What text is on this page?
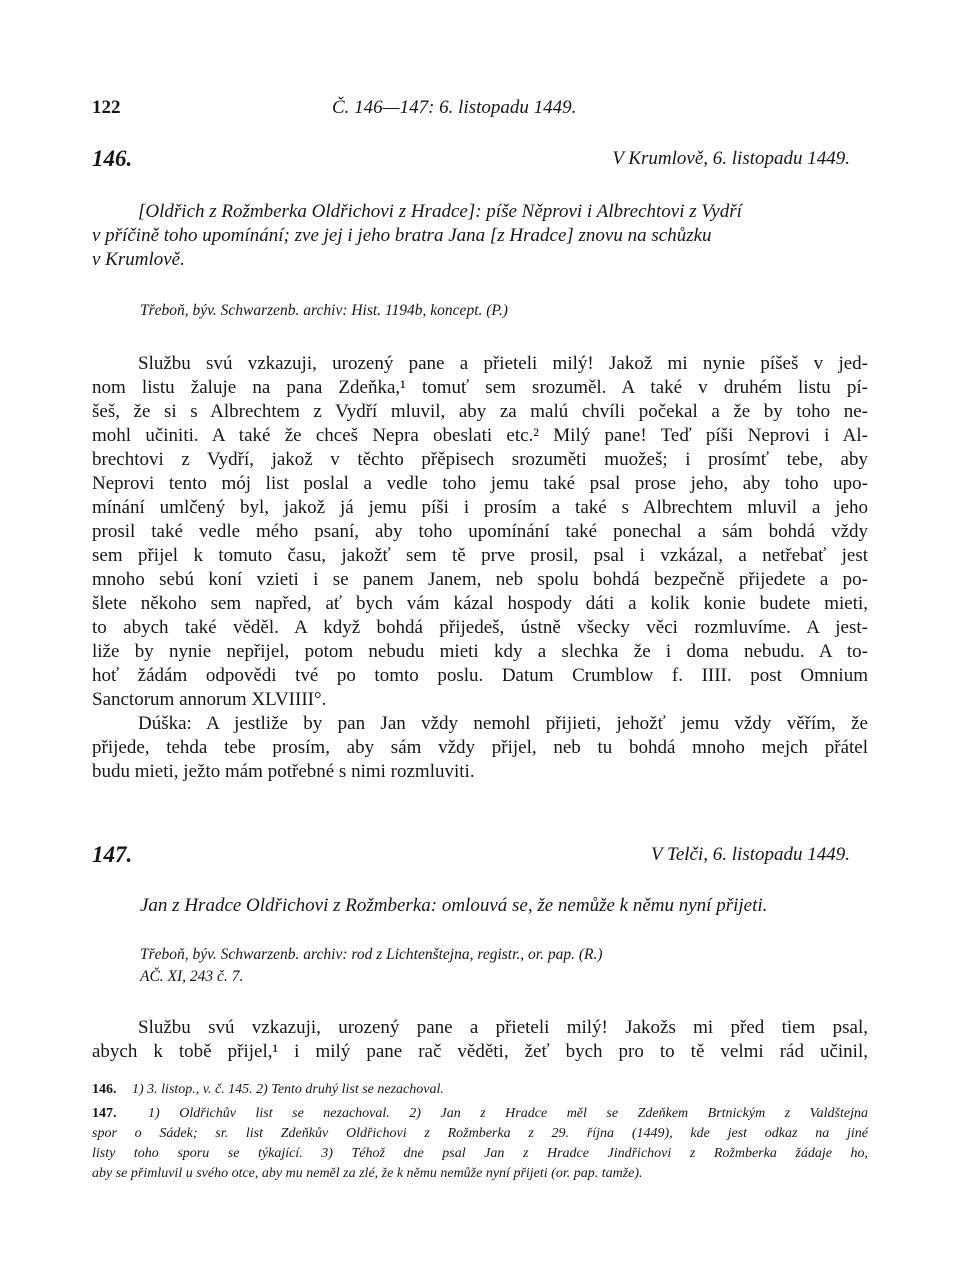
122	Č. 146—147: 6. listopadu 1449.
146.	V Krumlově, 6. listopadu 1449.
[Oldřich z Rožmberka Oldřichovi z Hradce]: píše Něprovi i Albrechtovi z Vydří
v příčině toho upomínání; zve jej i jeho bratra Jana [z Hradce] znovu na schůzku
v Krumlově.
Třeboň, býv. Schwarzenb. archiv: Hist. 1194b, koncept. (P.)
Službu svú vzkazuji, urozený pane a přieteli milý! Jakož mi nynie píšeš v jed-
nom listu žaluje na pana Zdeňka,¹ tomuť sem srozuměl. A také v druhém listu pí-
šeš, že si s Albrechtem z Vydří mluvil, aby za malú chvíli počekal a že by toho ne-
mohl učiniti. A také že chceš Nepra obeslati etc.² Milý pane! Teď píši Neprovi i Al-
brechtovi z Vydří, jakož v těchto přěpisech srozuměti muožeš; i prosímť tebe, aby
Neprovi tento mój list poslal a vedle toho jemu také psal prose jeho, aby toho upo-
mínání umlčený byl, jakož já jemu píši i prosím a také s Albrechtem mluvil a jeho
prosil také vedle mého psaní, aby toho upomínání také ponechal a sám bohdá vždy
sem přijel k tomuto času, jakožť sem tě prve prosil, psal i vzkázal, a netřebať jest
mnoho sebú koní vzieti i se panem Janem, neb spolu bohdá bezpečně přijedete a po-
šlete někoho sem napřed, ať bych vám kázal hospody dáti a kolik konie budete mieti,
to abych také věděl. A když bohdá přijedeš, ústně všecky věci rozmluvíme. A jest-
liže by nynie nepřijel, potom nebudu mieti kdy a slechka že i doma nebudu. A to-
hoť žádám odpovědi tvé po tomto poslu. Datum Crumblow f. IIII. post Omnium
Sanctorum annorum XLVIIII°.
Dúška: A jestližе by pan Jan vždy nemohl přijieti, jehožť jemu vždy věřím, že
přijede, tehda tebe prosím, aby sám vždy přijel, neb tu bohdá mnoho mejch přátel
budu mieti, ježto mám potřebné s nimi rozmluviti.
147.	V Telči, 6. listopadu 1449.
Jan z Hradce Oldřichovi z Rožmberka: omlouvá se, že nemůže k němu nyní přijeti.
Třeboň, býv. Schwarzenb. archiv: rod z Lichtenštejna, registr., or. pap. (R.)
AČ. XI, 243 č. 7.
Službu svú vzkazuji, urozený pane a přieteli milý! Jakožs mi před tiem psal,
abych k tobě přijel,¹ i milý pane rač věděti, žeť bych pro to tě velmi rád učinil,
146. 1) 3. listop., v. č. 145. 2) Tento druhý list se nezachoval.
147. 1) Oldřichův list se nezachoval. 2) Jan z Hradce měl se Zdeňkem Brtnickým z Valdštejna
spor o Sádek; sr. list Zdeňkův Oldřichovi z Rožmberka z 29. října (1449), kde jest odkaz na jiné
listy toho sporu se týkající. 3) Téhož dne psal Jan z Hradce Jindřichovi z Rožmberka žádaje ho,
aby se přimluvil u svého otce, aby mu neměl za zlé, že k němu nemůže nyní přijeti (or. pap. tamže).
